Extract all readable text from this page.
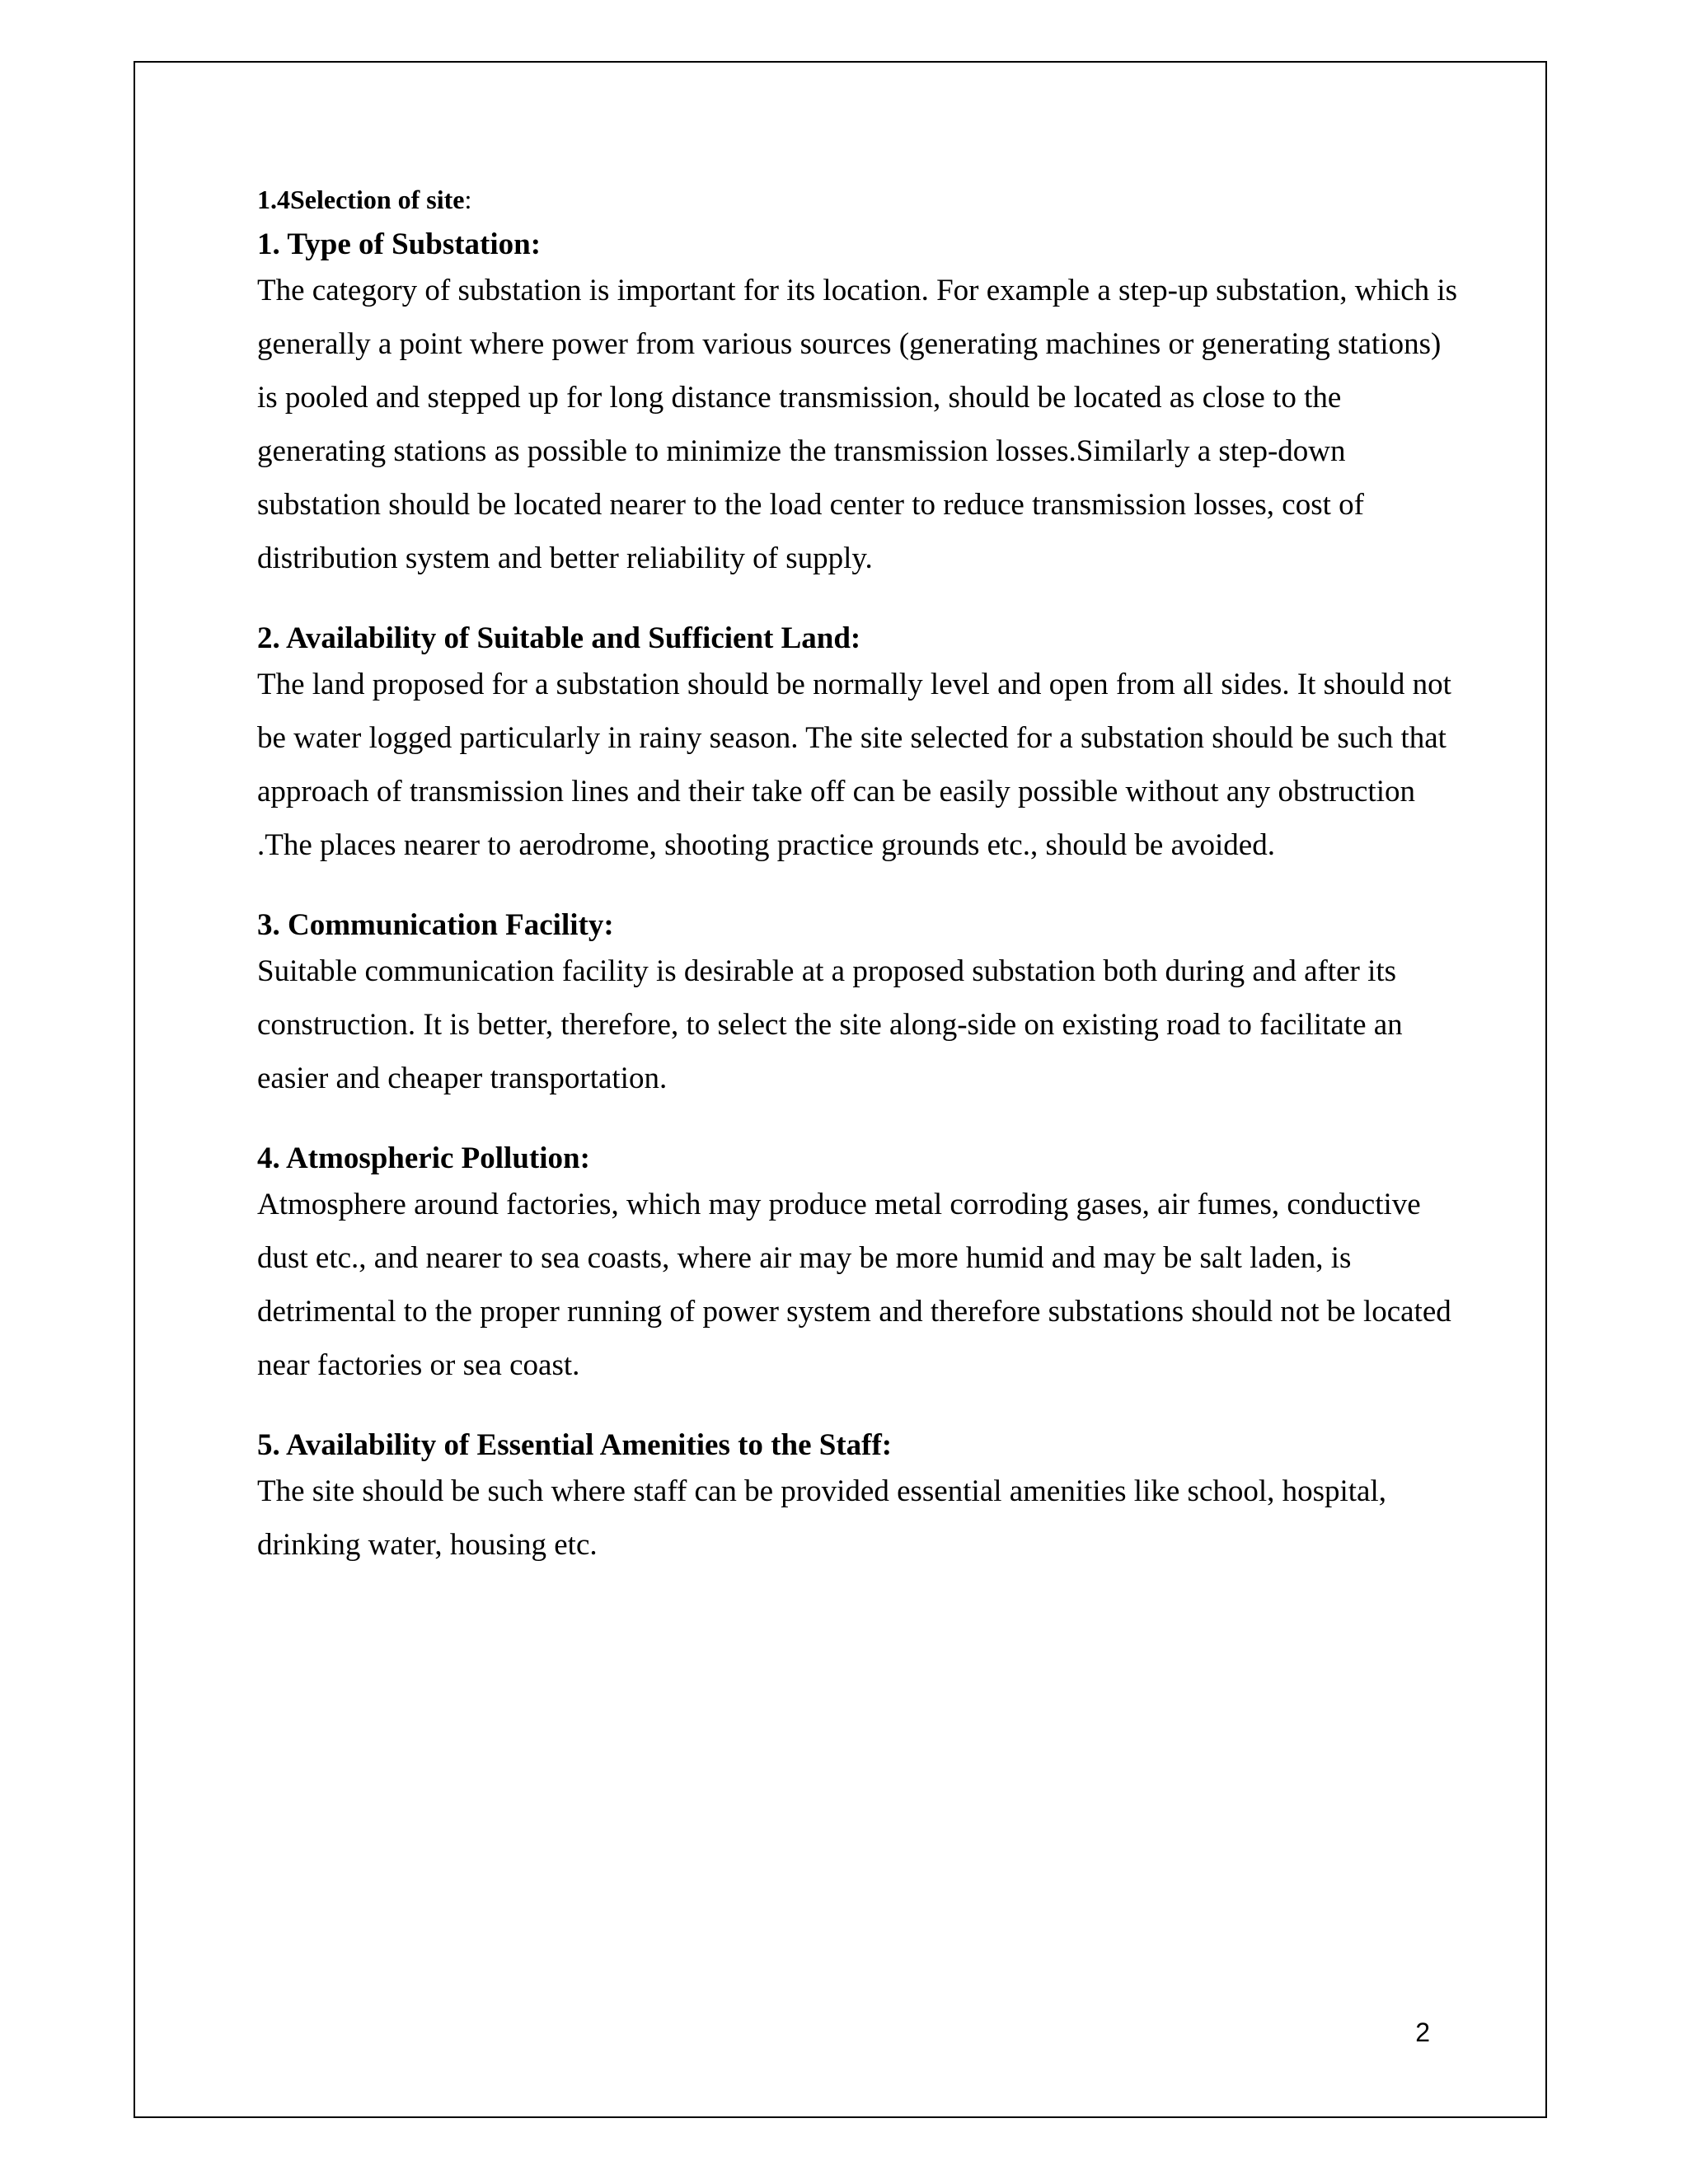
1.4Selection of site:

1. Type of Substation:

The category of substation is important for its location. For example a step-up substation, which is generally a point where power from various sources (generating machines or generating stations) is pooled and stepped up for long distance transmission, should be located as close to the generating stations as possible to minimize the transmission losses.Similarly a step-down substation should be located nearer to the load center to reduce transmission losses, cost of distribution system and better reliability of supply.

2. Availability of Suitable and Sufficient Land:

The land proposed for a substation should be normally level and open from all sides. It should not be water logged particularly in rainy season. The site selected for a substation should be such that approach of transmission lines and their take off can be easily possible without any obstruction .The places nearer to aerodrome, shooting practice grounds etc., should be avoided.

3. Communication Facility:

Suitable communication facility is desirable at a proposed substation both during and after its construction. It is better, therefore, to select the site along-side on existing road to facilitate an easier and cheaper transportation.

4. Atmospheric Pollution:

Atmosphere around factories, which may produce metal corroding gases, air fumes, conductive dust etc., and nearer to sea coasts, where air may be more humid and may be salt laden, is detrimental to the proper running of power system and therefore substations should not be located near factories or sea coast.

5. Availability of Essential Amenities to the Staff:

The site should be such where staff can be provided essential amenities like school, hospital, drinking water, housing etc.

2
